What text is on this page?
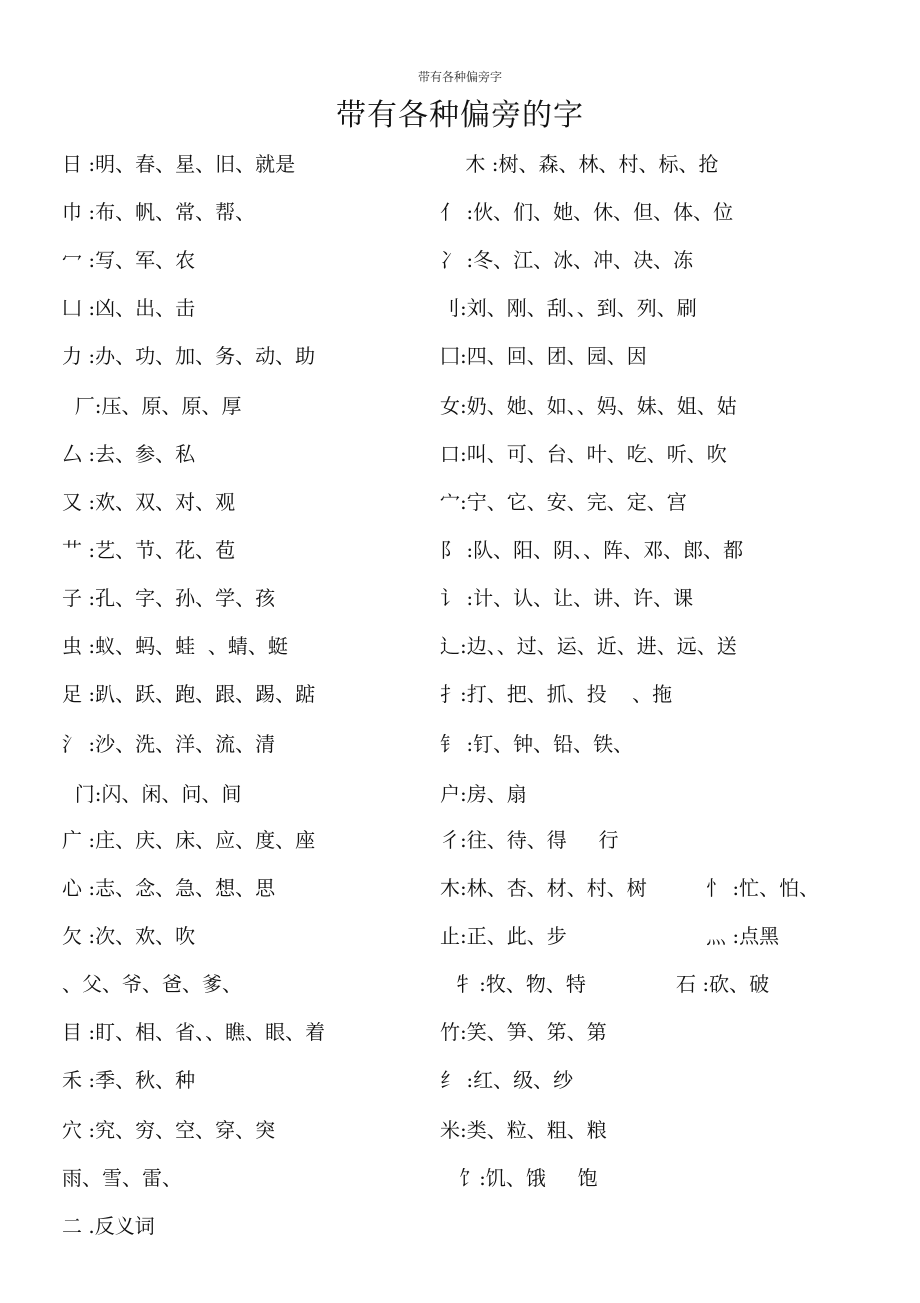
带有各种偏旁字
带有各种偏旁的字
日 :明、春、星、旧、就是
巾 :布、帆、常、帮、
冖 :写、军、农
凵 :凶、出、击
力 :办、功、加、务、动、助
厂:压、原、原、厚
厶 :去、参、私
又 :欢、双、对、观
艹 :艺、节、花、苞
子 :孔、字、孙、学、孩
虫 :蚁、蚂、蛙  、蜻、蜓
足 :趴、跃、跑、跟、踢、踮
氵 :沙、洗、洋、流、清
门:闪、闲、问、间
广 :庄、庆、床、应、度、座
心 :志、念、急、想、思
欠 :次、欢、吹
、父、爷、爸、爹、
目 :盯、相、省、、瞧、眼、着
禾 :季、秋、种
穴 :究、穷、空、穿、突
雨、雪、雷、
二 .反义词
木 :树、森、林、村、标、抢
亻 :伙、们、她、休、但、体、位
冫 :冬、江、冰、冲、决、冻
刂:刘、刚、刮、、到、列、刷
囗:四、回、团、园、因
女:奶、她、如、、妈、妹、姐、姑
口:叫、可、台、叶、吃、听、吹
宀:宁、它、安、完、定、宫
阝 :队、阳、阴、、阵、邓、郎、都
讠 :计、认、让、讲、许、课
辶:边、、过、运、近、进、远、送
扌:打、把、抓、投    、拖
钅 :钉、钟、铅、铁、
户:房、扇
彳:往、待、得     行
木:林、杏、材、村、树
止:正、此、步
牜 :牧、物、特
竹:笑、笋、笫、第
纟 :红、级、纱
米:类、粒、粗、粮
饣:饥、饿     饱
忄 :忙、怕、
灬 :点黑
石 :砍、破
